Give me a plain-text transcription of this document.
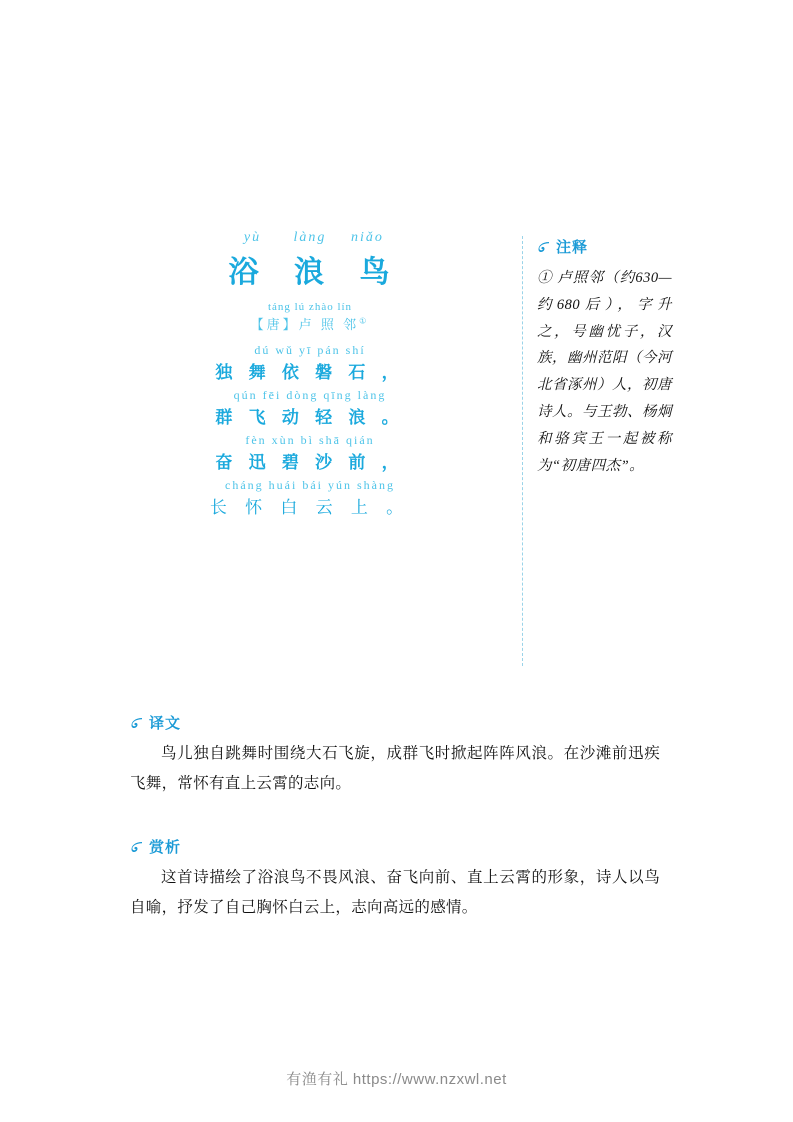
yù làng niǎo
浴 浪 鸟
táng lú zhào lín
【唐】卢 照 邻①
dú wǔ yī pán shí
独 舞 依 磐 石 ，
qún fēi dòng qīng làng
群 飞 动 轻 浪 。
fèn xùn bì shā qián
奋 迅 碧 沙 前 ，
cháng huái bái yún shàng
长 怀 白 云 上 。
注释
① 卢照邻（约630—约680后），字升之，号幽忧子，汉族，幽州范阳（今河北省涿州）人，初唐诗人。与王勃、杨炯和骆宾王一起被称为“初唐四杰”。
译文
鸟儿独自跳舞时围绕大石飞旋，成群飞时掀起阵阵风浪。在沙滩前迅疾飞舞，常怀有直上云霄的志向。
赏析
这首诗描绘了浴浪鸟不畏风浪、奋飞向前、直上云霄的形象，诗人以鸟自喻，抒发了自己胸怀白云上，志向高远的感情。
有渔有礼 https://www.nzxwl.net
